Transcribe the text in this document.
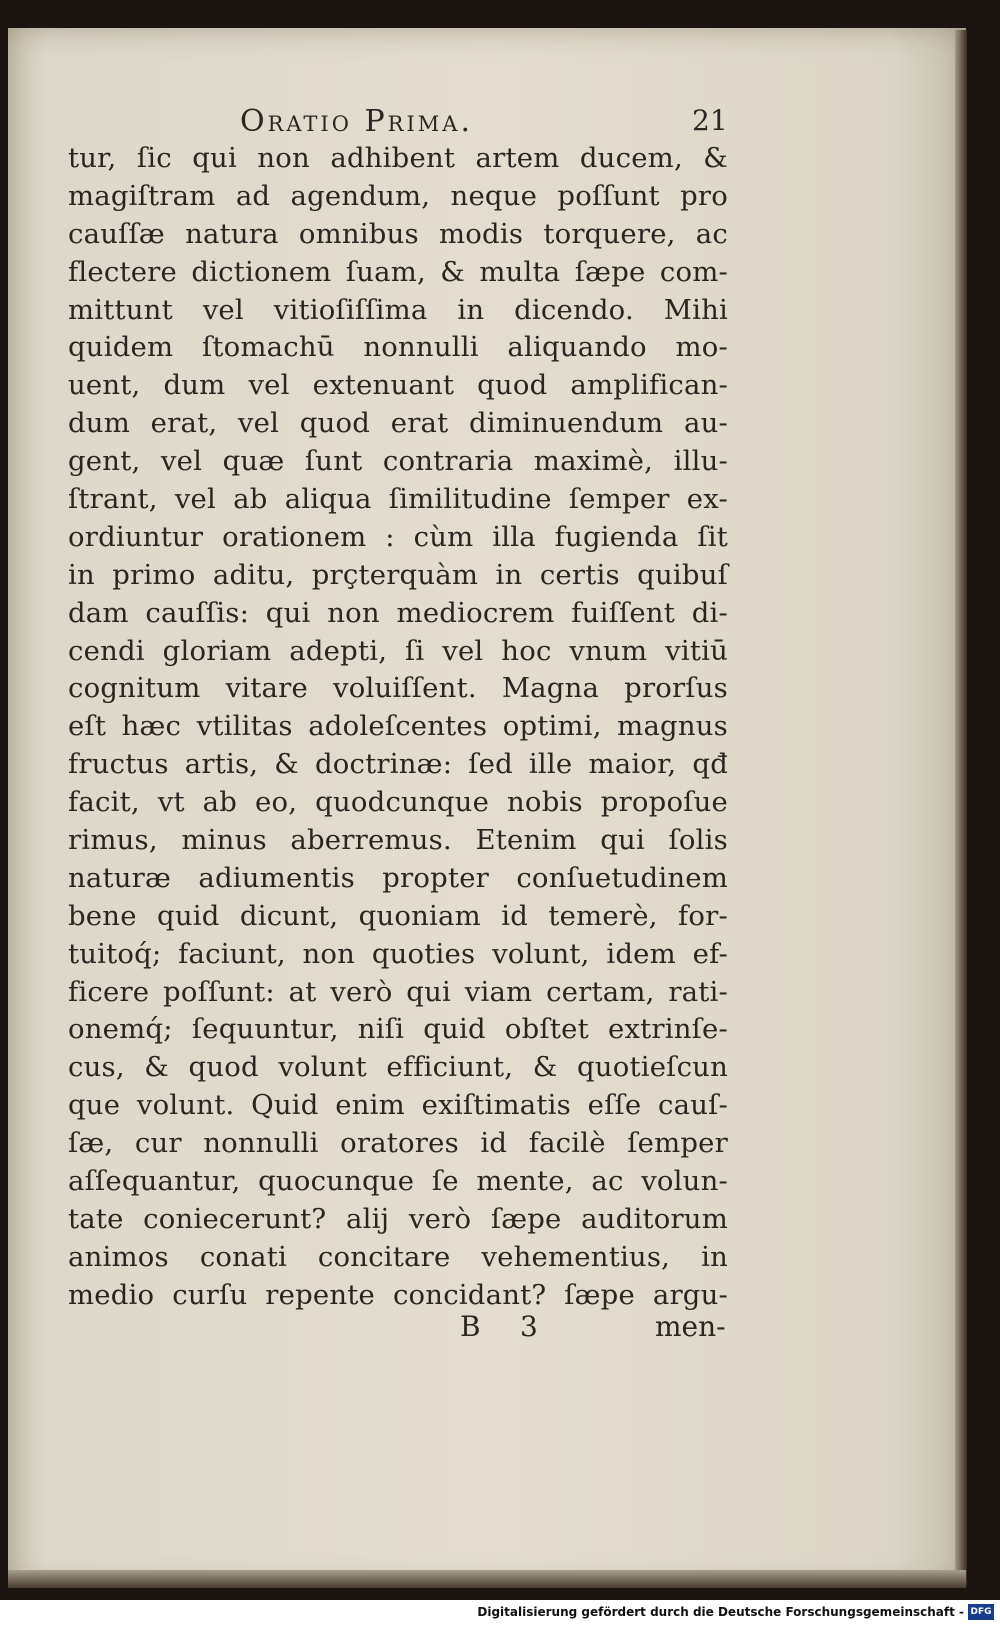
Oratio Prima.	21
tur, ſic qui non adhibent artem ducem, &
magiſtram ad agendum, neque poſſunt pro
cauſſæ natura omnibus modis torquere, ac
flectere dictionem ſuam, & multa ſæpe com-
mittunt vel vitioſiſſima in dicendo. Mihi
quidem ſtomachū nonnulli aliquando mo-
uent, dum vel extenuant quod amplifican-
dum erat, vel quod erat diminuendum au-
gent, vel quæ ſunt contraria maximè, illu-
ſtrant, vel ab aliqua ſimilitudine ſemper ex-
ordiuntur orationem : cùm illa fugienda ſit
in primo aditu, prçterquàm in certis quibuſ
dam cauſſis: qui non mediocrem fuiſſent di-
cendi gloriam adepti, ſi vel hoc vnum vitiū
cognitum vitare voluiſſent. Magna prorſus
eſt hæc vtilitas adoleſcentes optimi, magnus
fructus artis, & doctrinæ: ſed ille maior, qđ
facit, vt ab eo, quodcunque nobis propoſue
rimus, minus aberremus. Etenim qui ſolis
naturæ adiumentis propter conſuetudinem
bene quid dicunt, quoniam id temerè, for-
tuitoq́; faciunt, non quoties volunt, idem ef-
ficere poſſunt: at verò qui viam certam, rati-
onemq́; ſequuntur, niſi quid obſtet extrinſe-
cus, & quod volunt efficiunt, & quotieſcun
que volunt. Quid enim exiſtimatis eſſe cauſ-
ſæ, cur nonnulli oratores id facilè ſemper
aſſequantur, quocunque ſe mente, ac volun-
tate coniecerunt? alij verò ſæpe auditorum
animos conati concitare vehementius, in
medio curſu repente concidant? ſæpe argu-
B 3	men-
Digitalisierung gefördert durch die Deutsche Forschungsgemeinschaft - DFG
